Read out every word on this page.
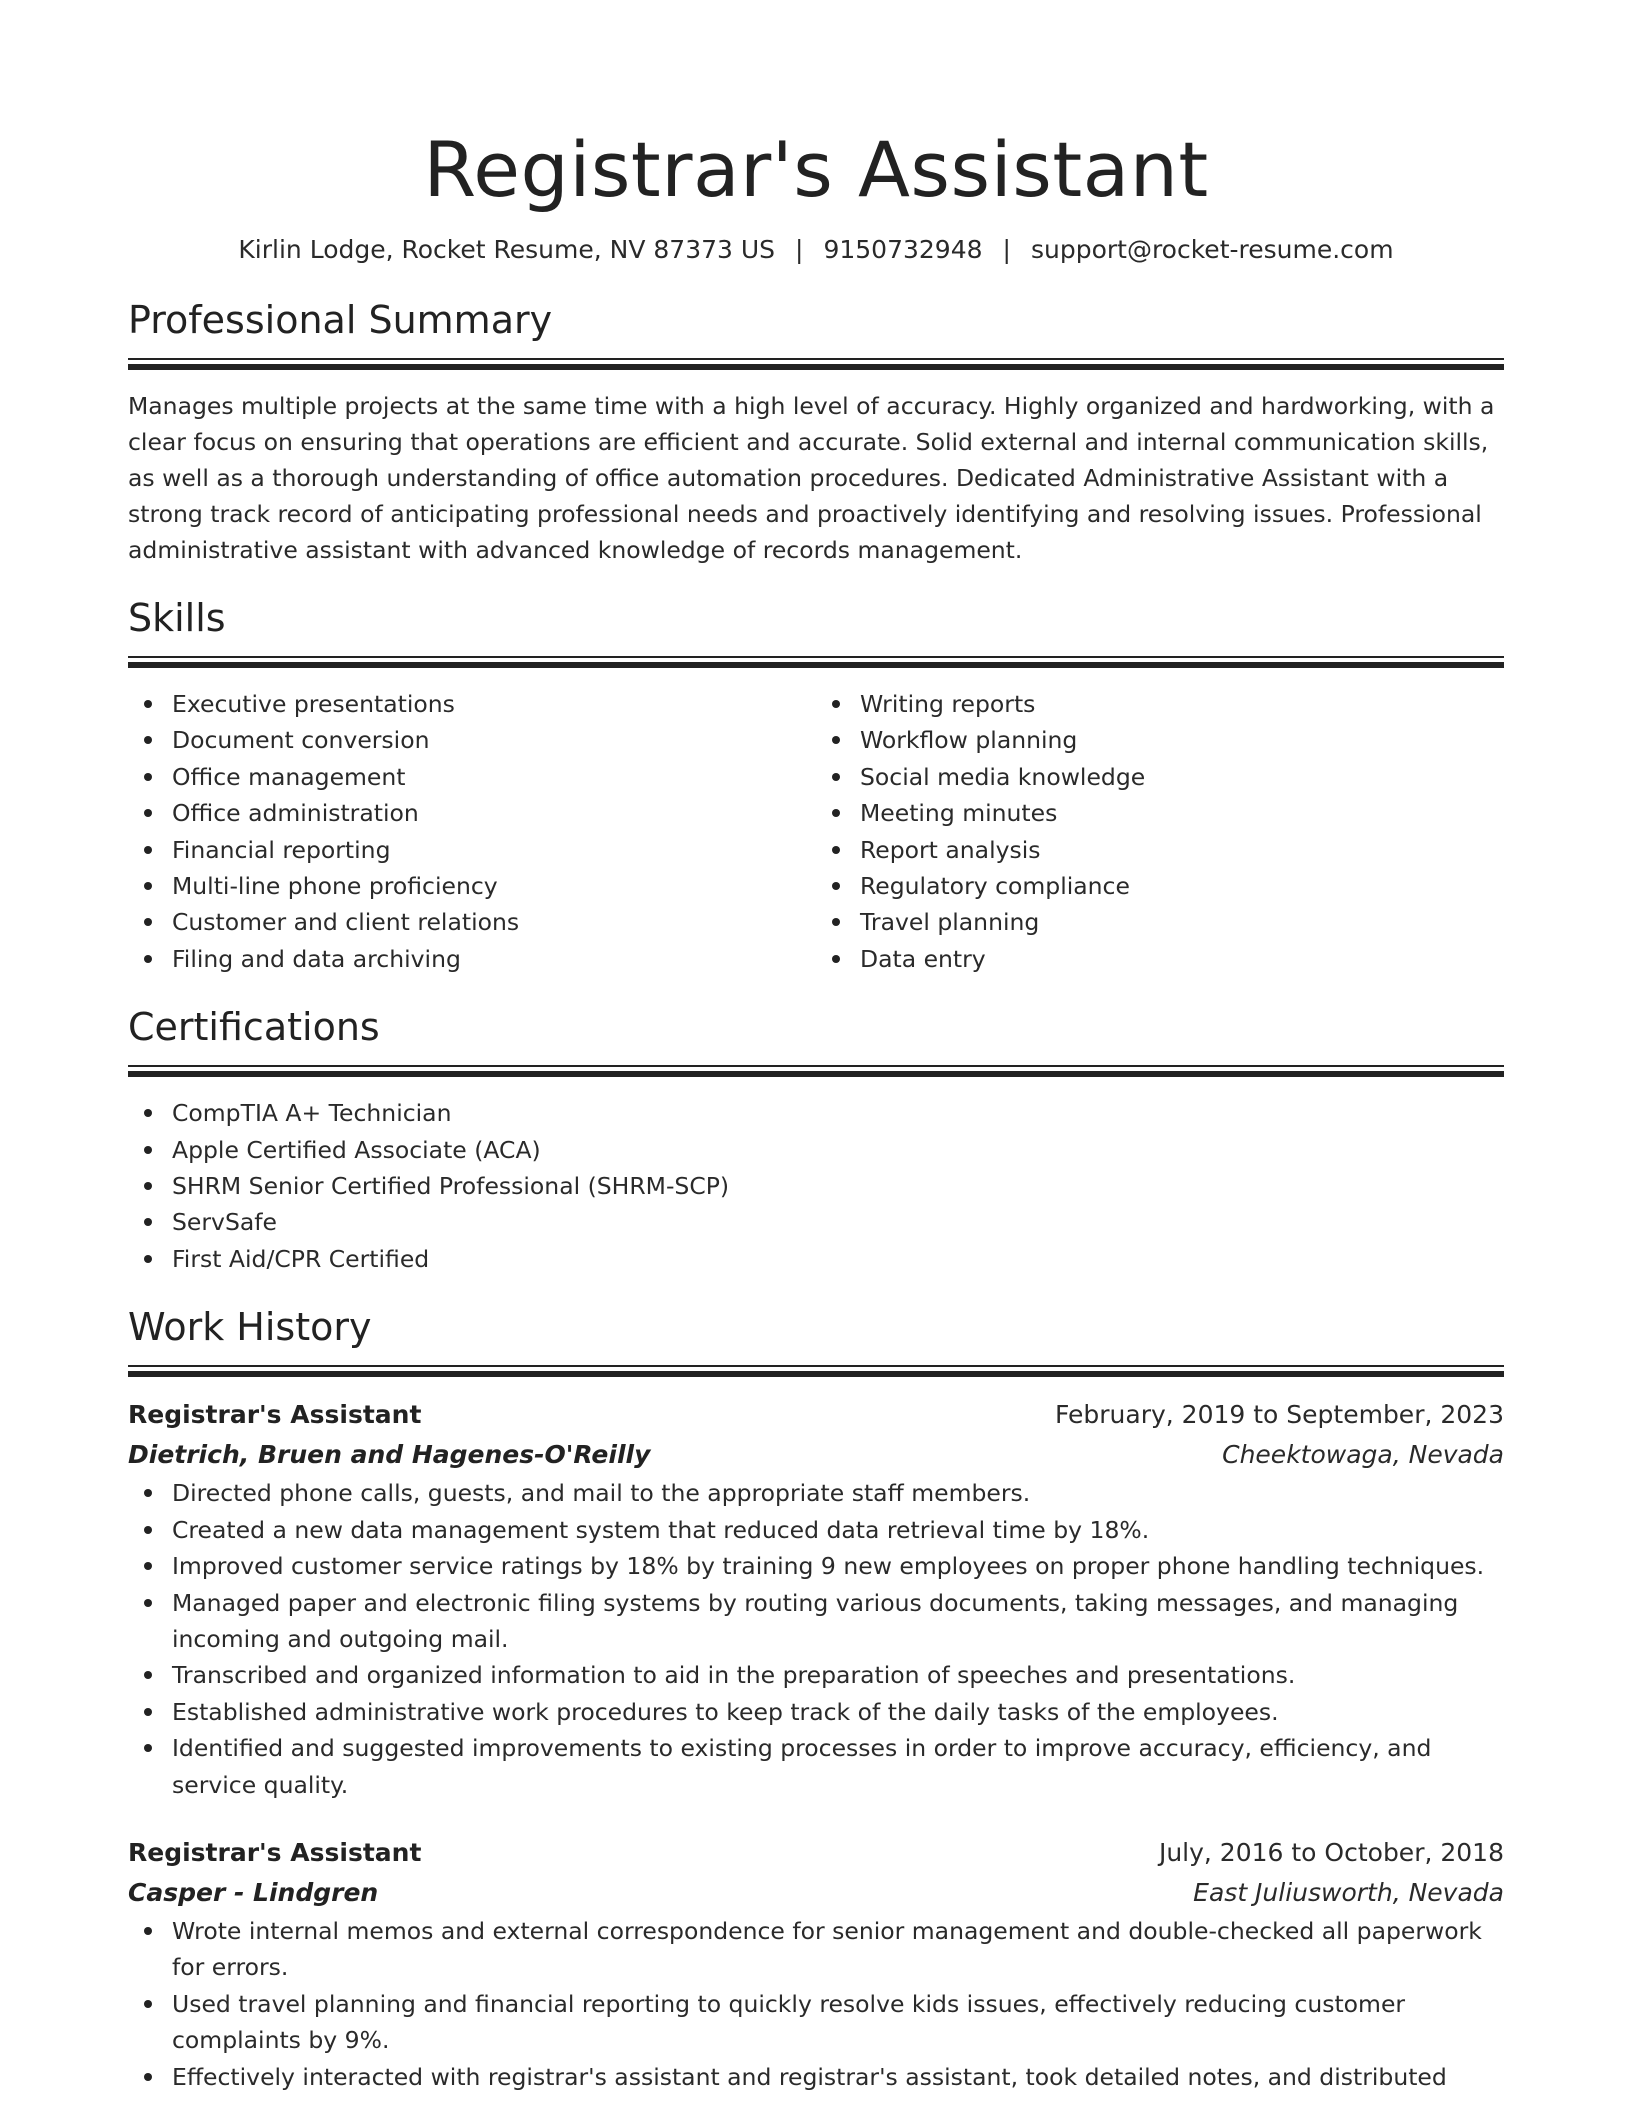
Registrar's Assistant
Kirlin Lodge, Rocket Resume, NV 87373 US | 9150732948 | support@rocket-resume.com
Professional Summary

Manages multiple projects at the same time with a high level of accuracy. Highly organized and hardworking, with a clear focus on ensuring that operations are efficient and accurate. Solid external and internal communication skills, as well as a thorough understanding of office automation procedures. Dedicated Administrative Assistant with a strong track record of anticipating professional needs and proactively identifying and resolving issues. Professional administrative assistant with advanced knowledge of records management.

Skills
Executive presentations
Document conversion
Office management
Office administration
Financial reporting
Multi-line phone proficiency
Customer and client relations
Filing and data archiving
Writing reports
Workflow planning
Social media knowledge
Meeting minutes
Report analysis
Regulatory compliance
Travel planning
Data entry
Certifications
CompTIA A+ Technician
Apple Certified Associate (ACA)
SHRM Senior Certified Professional (SHRM-SCP)
ServSafe
First Aid/CPR Certified
Work History
Registrar's Assistant	February, 2019 to September, 2023
Dietrich, Bruen and Hagenes-O'Reilly	Cheektowaga, Nevada
Directed phone calls, guests, and mail to the appropriate staff members.
Created a new data management system that reduced data retrieval time by 18%.
Improved customer service ratings by 18% by training 9 new employees on proper phone handling techniques.
Managed paper and electronic filing systems by routing various documents, taking messages, and managing incoming and outgoing mail.
Transcribed and organized information to aid in the preparation of speeches and presentations.
Established administrative work procedures to keep track of the daily tasks of the employees.
Identified and suggested improvements to existing processes in order to improve accuracy, efficiency, and service quality.
Registrar's Assistant	July, 2016 to October, 2018
Casper - Lindgren	East Juliusworth, Nevada
Wrote internal memos and external correspondence for senior management and double-checked all paperwork for errors.
Used travel planning and financial reporting to quickly resolve kids issues, effectively reducing customer complaints by 9%.
Effectively interacted with registrar's assistant and registrar's assistant, took detailed notes, and distributed
